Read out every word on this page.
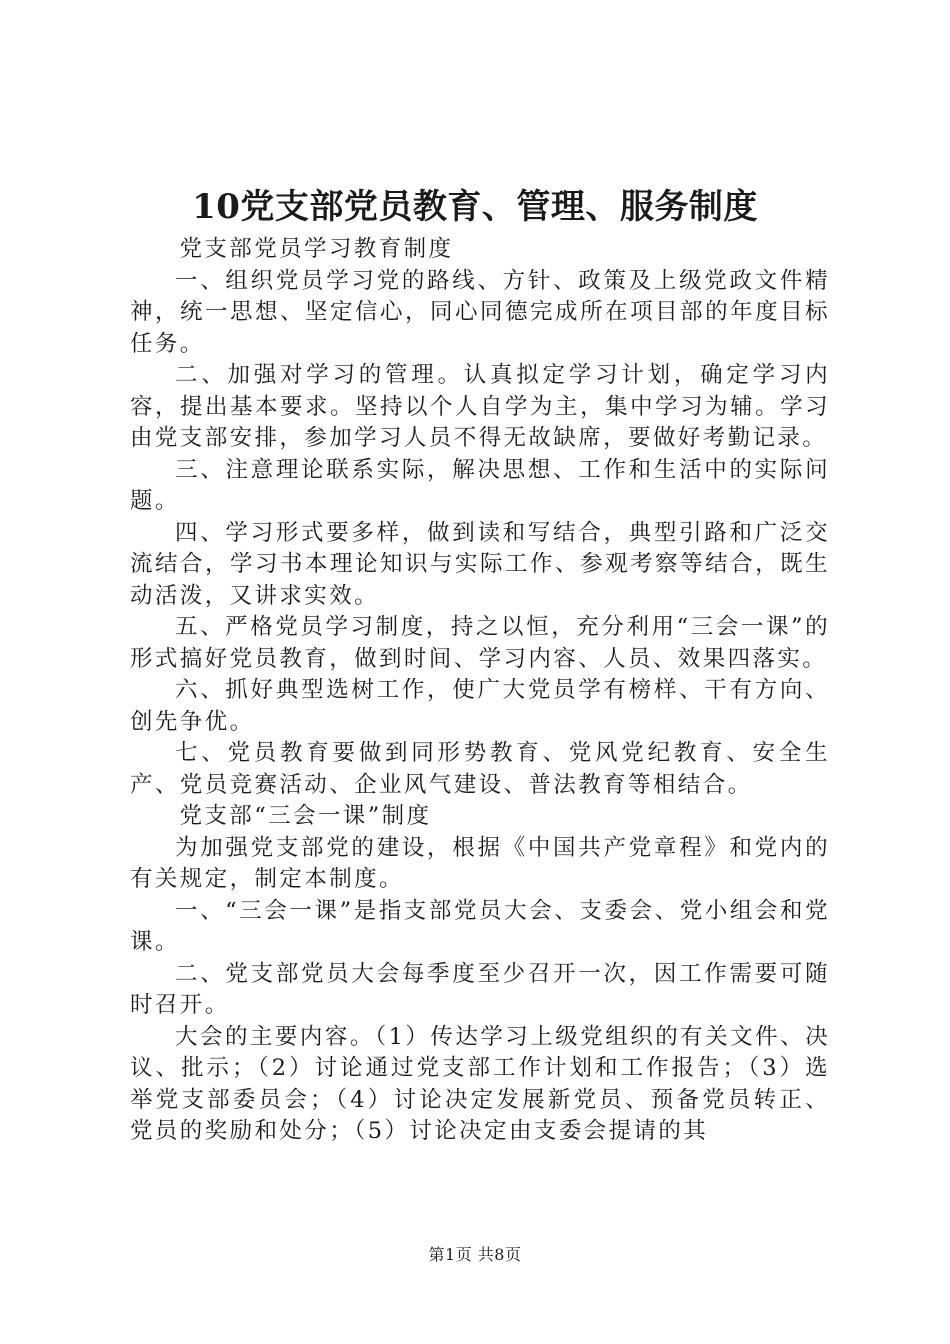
10党支部党员教育、管理、服务制度

党支部党员学习教育制度

一、组织党员学习党的路线、方针、政策及上级党政文件精神，统一思想、坚定信心，同心同德完成所在项目部的年度目标任务。

二、加强对学习的管理。认真拟定学习计划，确定学习内容，提出基本要求。坚持以个人自学为主，集中学习为辅。学习由党支部安排，参加学习人员不得无故缺席，要做好考勤记录。

三、注意理论联系实际，解决思想、工作和生活中的实际问题。

四、学习形式要多样，做到读和写结合，典型引路和广泛交流结合，学习书本理论知识与实际工作、参观考察等结合，既生动活泼，又讲求实效。

五、严格党员学习制度，持之以恒，充分利用“三会一课”的形式搞好党员教育，做到时间、学习内容、人员、效果四落实。

六、抓好典型选树工作，使广大党员学有榜样、干有方向、创先争优。

七、党员教育要做到同形势教育、党风党纪教育、安全生产、党员竞赛活动、企业风气建设、普法教育等相结合。

党支部“三会一课”制度

为加强党支部党的建设，根据《中国共产党章程》和党内的有关规定，制定本制度。

一、“三会一课”是指支部党员大会、支委会、党小组会和党课。

二、党支部党员大会每季度至少召开一次，因工作需要可随时召开。

大会的主要内容。（1）传达学习上级党组织的有关文件、决议、批示；（2）讨论通过党支部工作计划和工作报告；（3）选举党支部委员会；（4）讨论决定发展新党员、预备党员转正、党员的奖励和处分；（5）讨论决定由支委会提请的其

第1页 共8页
